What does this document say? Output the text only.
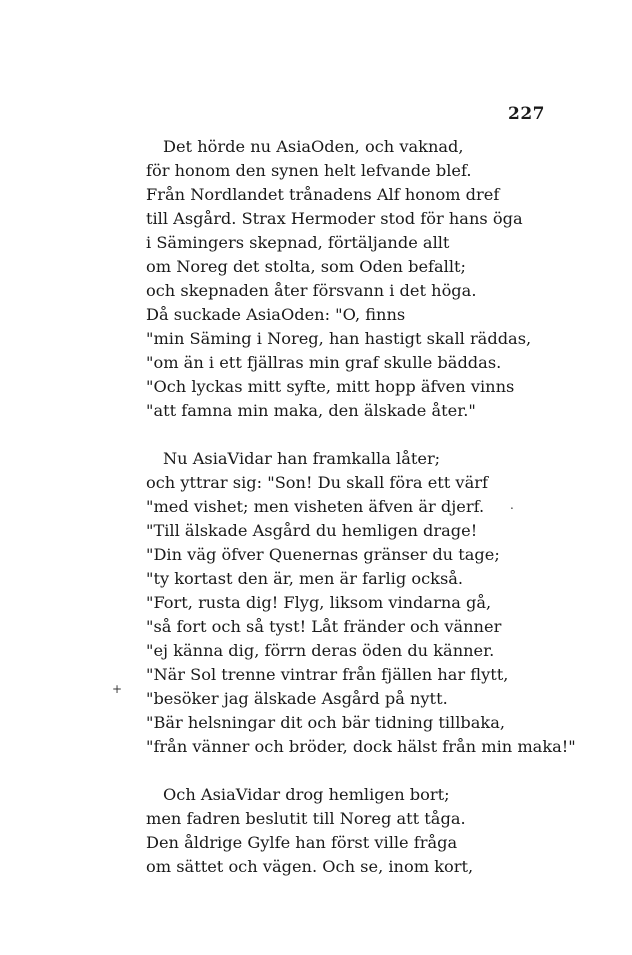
227
Det hörde nu AsiaOden, och vaknad,
för honom den synen helt lefvande blef.
Från Nordlandet trånadens Alf honom dref
till Asgård. Strax Hermoder stod för hans öga
i Sämingers skepnad, förtäljande allt
om Noreg det stolta, som Oden befallt;
och skepnaden åter försvann i det höga.
Då suckade AsiaOden: "O, finns
"min Säming i Noreg, han hastigt skall räddas,
"om än i ett fjällras min graf skulle bäddas.
"Och lyckas mitt syfte, mitt hopp äfven vinns
"att famna min maka, den älskade åter."
Nu AsiaVidar han framkalla låter;
och yttrar sig: "Son! Du skall föra ett värf
"med vishet; men visheten äfven är djerf.
"Till älskade Asgård du hemligen drage!
"Din väg öfver Quenernas gränser du tage;
"ty kortast den är, men är farlig också.
"Fort, rusta dig! Flyg, liksom vindarna gå,
"så fort och så tyst! Låt fränder och vänner
"ej känna dig, förrn deras öden du känner.
"När Sol trenne vintrar från fjällen har flytt,
"besöker jag älskade Asgård på nytt.
"Bär helsningar dit och bär tidning tillbaka,
"från vänner och bröder, dock hälst från min maka!"
Och AsiaVidar drog hemligen bort;
men fadren beslutit till Noreg att tåga.
Den åldrige Gylfe han först ville fråga
om sättet och vägen. Och se, inom kort,
.
+
